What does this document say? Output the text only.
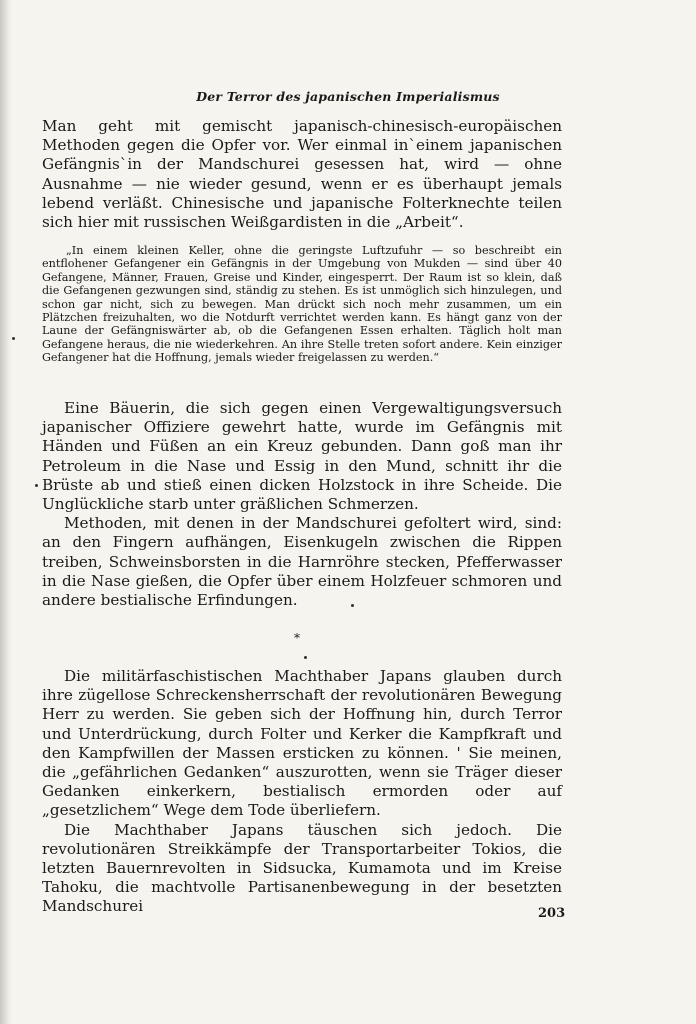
Der Terror des japanischen Imperialismus

Man geht mit gemischt japanisch-chinesisch-europäischen Methoden gegen die Opfer vor. Wer einmal in`einem japanischen Gefängnis`in der Mandschurei gesessen hat, wird — ohne Ausnahme — nie wieder gesund, wenn er es überhaupt jemals lebend verläßt. Chinesische und japanische Folterknechte teilen sich hier mit russischen Weißgardisten in die „Arbeit“.

„In einem kleinen Keller, ohne die geringste Luftzufuhr — so beschreibt ein entflohener Gefangener ein Gefängnis in der Umgebung von Mukden — sind über 40 Gefangene, Männer, Frauen, Greise und Kinder, eingesperrt. Der Raum ist so klein, daß die Gefangenen gezwungen sind, ständig zu stehen. Es ist unmöglich sich hinzulegen, und schon gar nicht, sich zu bewegen. Man drückt sich noch mehr zusammen, um ein Plätzchen freizuhalten, wo die Notdurft verrichtet werden kann. Es hängt ganz von der Laune der Gefängniswärter ab, ob die Gefangenen Essen erhalten. Täglich holt man Gefangene heraus, die nie wiederkehren. An ihre Stelle treten sofort andere. Kein einziger Gefangener hat die Hoffnung, jemals wieder freigelassen zu werden.“

Eine Bäuerin, die sich gegen einen Vergewaltigungsversuch japanischer Offiziere gewehrt hatte, wurde im Gefängnis mit Händen und Füßen an ein Kreuz gebunden. Dann goß man ihr Petroleum in die Nase und Essig in den Mund, schnitt ihr die Brüste ab und stieß einen dicken Holzstock in ihre Scheide. Die Unglückliche starb unter gräßlichen Schmerzen.

Methoden, mit denen in der Mandschurei gefoltert wird, sind: an den Fingern aufhängen, Eisenkugeln zwischen die Rippen treiben, Schweinsborsten in die Harnröhre stecken, Pfefferwasser in die Nase gießen, die Opfer über einem Holzfeuer schmoren und andere bestialische Erfindungen.

*

Die militärfaschistischen Machthaber Japans glauben durch ihre zügellose Schreckensherrschaft der revolutionären Bewegung Herr zu werden. Sie geben sich der Hoffnung hin, durch Terror und Unterdrückung, durch Folter und Kerker die Kampfkraft und den Kampfwillen der Massen ersticken zu können. ' Sie meinen, die „gefährlichen Gedanken“ auszurotten, wenn sie Träger dieser Gedanken einkerkern, bestialisch ermorden oder auf „gesetzlichem“ Wege dem Tode überliefern.

Die Machthaber Japans täuschen sich jedoch. Die revolutionären Streikkämpfe der Transportarbeiter Tokios, die letzten Bauernrevolten in Sidsucka, Kumamota und im Kreise Tahoku, die machtvolle Partisanenbewegung in der besetzten Mandschurei	203
